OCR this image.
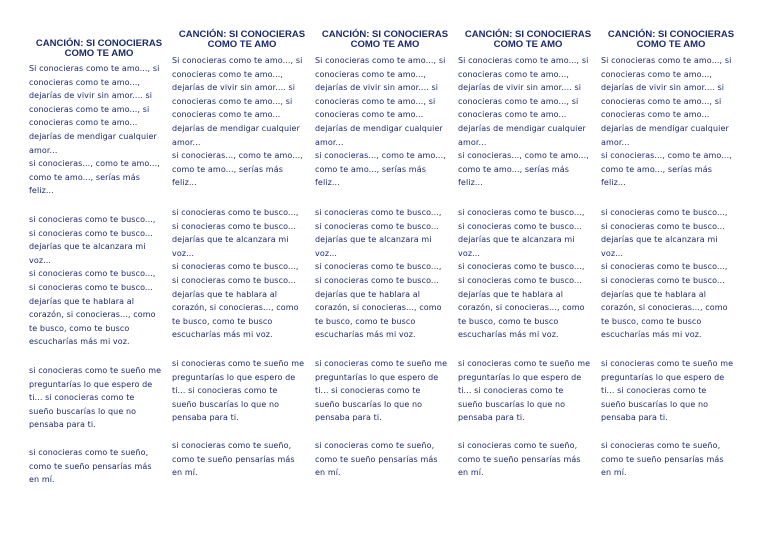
CANCIÓN: SI CONOCIERAS
COMO TE AMO

Si conocieras como te amo..., si

conocieras como te amo...,

dejarías de vivir sin amor.... si

conocieras como te amo..., si

conocieras como te amo...

dejarías de mendigar cualquier

amor...

si conocieras..., como te amo...,

como te amo..., serías más

feliz...

si conocieras como te busco...,

si conocieras como te busco...

dejarías que te alcanzara mi

voz...

si conocieras como te busco...,

si conocieras como te busco...

dejarías que te hablara al

corazón, si conocieras..., como

te busco, como te busco

escucharías más mi voz.

si conocieras como te sueño me

preguntarías lo que espero de

ti... si conocieras como te

sueño buscarías lo que no

pensaba para ti.

si conocieras como te sueño,

como te sueño pensarías más

en mí.

CANCIÓN: SI CONOCIERAS
COMO TE AMO

Si conocieras como te amo..., si

conocieras como te amo...,

dejarías de vivir sin amor.... si

conocieras como te amo..., si

conocieras como te amo...

dejarías de mendigar cualquier

amor...

si conocieras..., como te amo...,

como te amo..., serías más

feliz...

si conocieras como te busco...,

si conocieras como te busco...

dejarías que te alcanzara mi

voz...

si conocieras como te busco...,

si conocieras como te busco...

dejarías que te hablara al

corazón, si conocieras..., como

te busco, como te busco

escucharías más mi voz.

si conocieras como te sueño me

preguntarías lo que espero de

ti... si conocieras como te

sueño buscarías lo que no

pensaba para ti.

si conocieras como te sueño,

como te sueño pensarías más

en mí.

CANCIÓN: SI CONOCIERAS
COMO TE AMO

Si conocieras como te amo..., si

conocieras como te amo...,

dejarías de vivir sin amor.... si

conocieras como te amo..., si

conocieras como te amo...

dejarías de mendigar cualquier

amor...

si conocieras..., como te amo...,

como te amo..., serías más

feliz...

si conocieras como te busco...,

si conocieras como te busco...

dejarías que te alcanzara mi

voz...

si conocieras como te busco...,

si conocieras como te busco...

dejarías que te hablara al

corazón, si conocieras..., como

te busco, como te busco

escucharías más mi voz.

si conocieras como te sueño me

preguntarías lo que espero de

ti... si conocieras como te

sueño buscarías lo que no

pensaba para ti.

si conocieras como te sueño,

como te sueño pensarías más

en mí.

CANCIÓN: SI CONOCIERAS
COMO TE AMO

Si conocieras como te amo..., si

conocieras como te amo...,

dejarías de vivir sin amor.... si

conocieras como te amo..., si

conocieras como te amo...

dejarías de mendigar cualquier

amor...

si conocieras..., como te amo...,

como te amo..., serías más

feliz...

si conocieras como te busco...,

si conocieras como te busco...

dejarías que te alcanzara mi

voz...

si conocieras como te busco...,

si conocieras como te busco...

dejarías que te hablara al

corazón, si conocieras..., como

te busco, como te busco

escucharías más mi voz.

si conocieras como te sueño me

preguntarías lo que espero de

ti... si conocieras como te

sueño buscarías lo que no

pensaba para ti.

si conocieras como te sueño,

como te sueño pensarías más

en mí.

CANCIÓN: SI CONOCIERAS
COMO TE AMO

Si conocieras como te amo..., si

conocieras como te amo...,

dejarías de vivir sin amor.... si

conocieras como te amo..., si

conocieras como te amo...

dejarías de mendigar cualquier

amor...

si conocieras..., como te amo...,

como te amo..., serías más

feliz...

si conocieras como te busco...,

si conocieras como te busco...

dejarías que te alcanzara mi

voz...

si conocieras como te busco...,

si conocieras como te busco...

dejarías que te hablara al

corazón, si conocieras..., como

te busco, como te busco

escucharías más mi voz.

si conocieras como te sueño me

preguntarías lo que espero de

ti... si conocieras como te

sueño buscarías lo que no

pensaba para ti.

si conocieras como te sueño,

como te sueño pensarías más

en mí.
